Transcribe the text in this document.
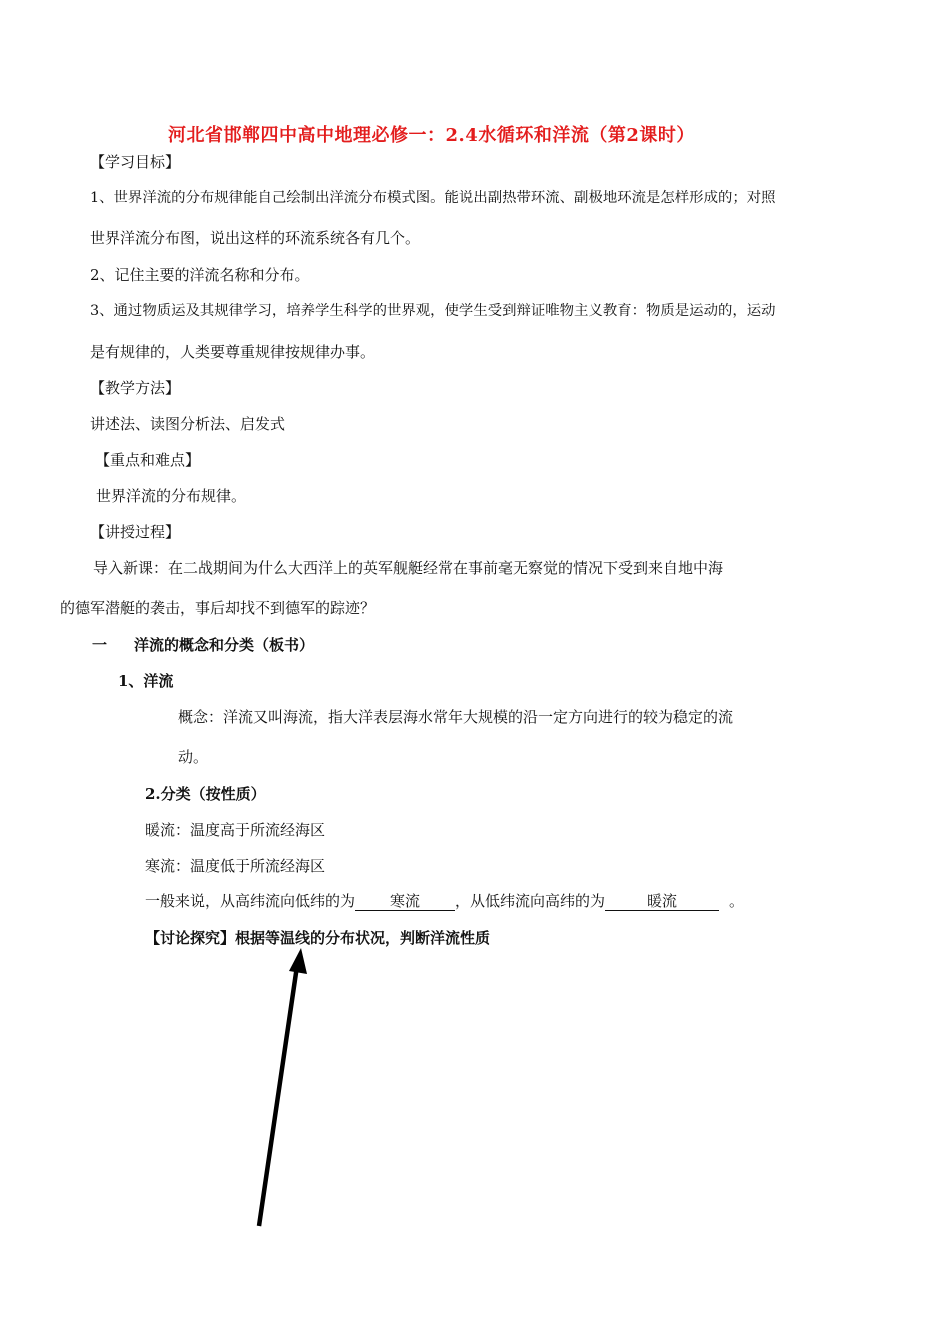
河北省邯郸四中高中地理必修一：2.4水循环和洋流（第2课时）
【学习目标】
1、世界洋流的分布规律能自己绘制出洋流分布模式图。能说出副热带环流、副极地环流是怎样形成的；对照
世界洋流分布图，说出这样的环流系统各有几个。
2、记住主要的洋流名称和分布。
3、通过物质运及其规律学习，培养学生科学的世界观，使学生受到辩证唯物主义教育：物质是运动的，运动
是有规律的，人类要尊重规律按规律办事。
【教学方法】
讲述法、读图分析法、启发式
【重点和难点】
世界洋流的分布规律。
【讲授过程】
导入新课：在二战期间为什么大西洋上的英军舰艇经常在事前毫无察觉的情况下受到来自地中海
的德军潜艇的袭击，事后却找不到德军的踪迹？
一 洋流的概念和分类（板书）
1、洋流
概念：洋流又叫海流，指大洋表层海水常年大规模的沿一定方向进行的较为稳定的流
动。
2.分类（按性质）
暖流：温度高于所流经海区
寒流：温度低于所流经海区
一般来说，从高纬流向低纬的为 寒流 ，从低纬流向高纬的为	暖流	。
【讨论探究】根据等温线的分布状况，判断洋流性质
